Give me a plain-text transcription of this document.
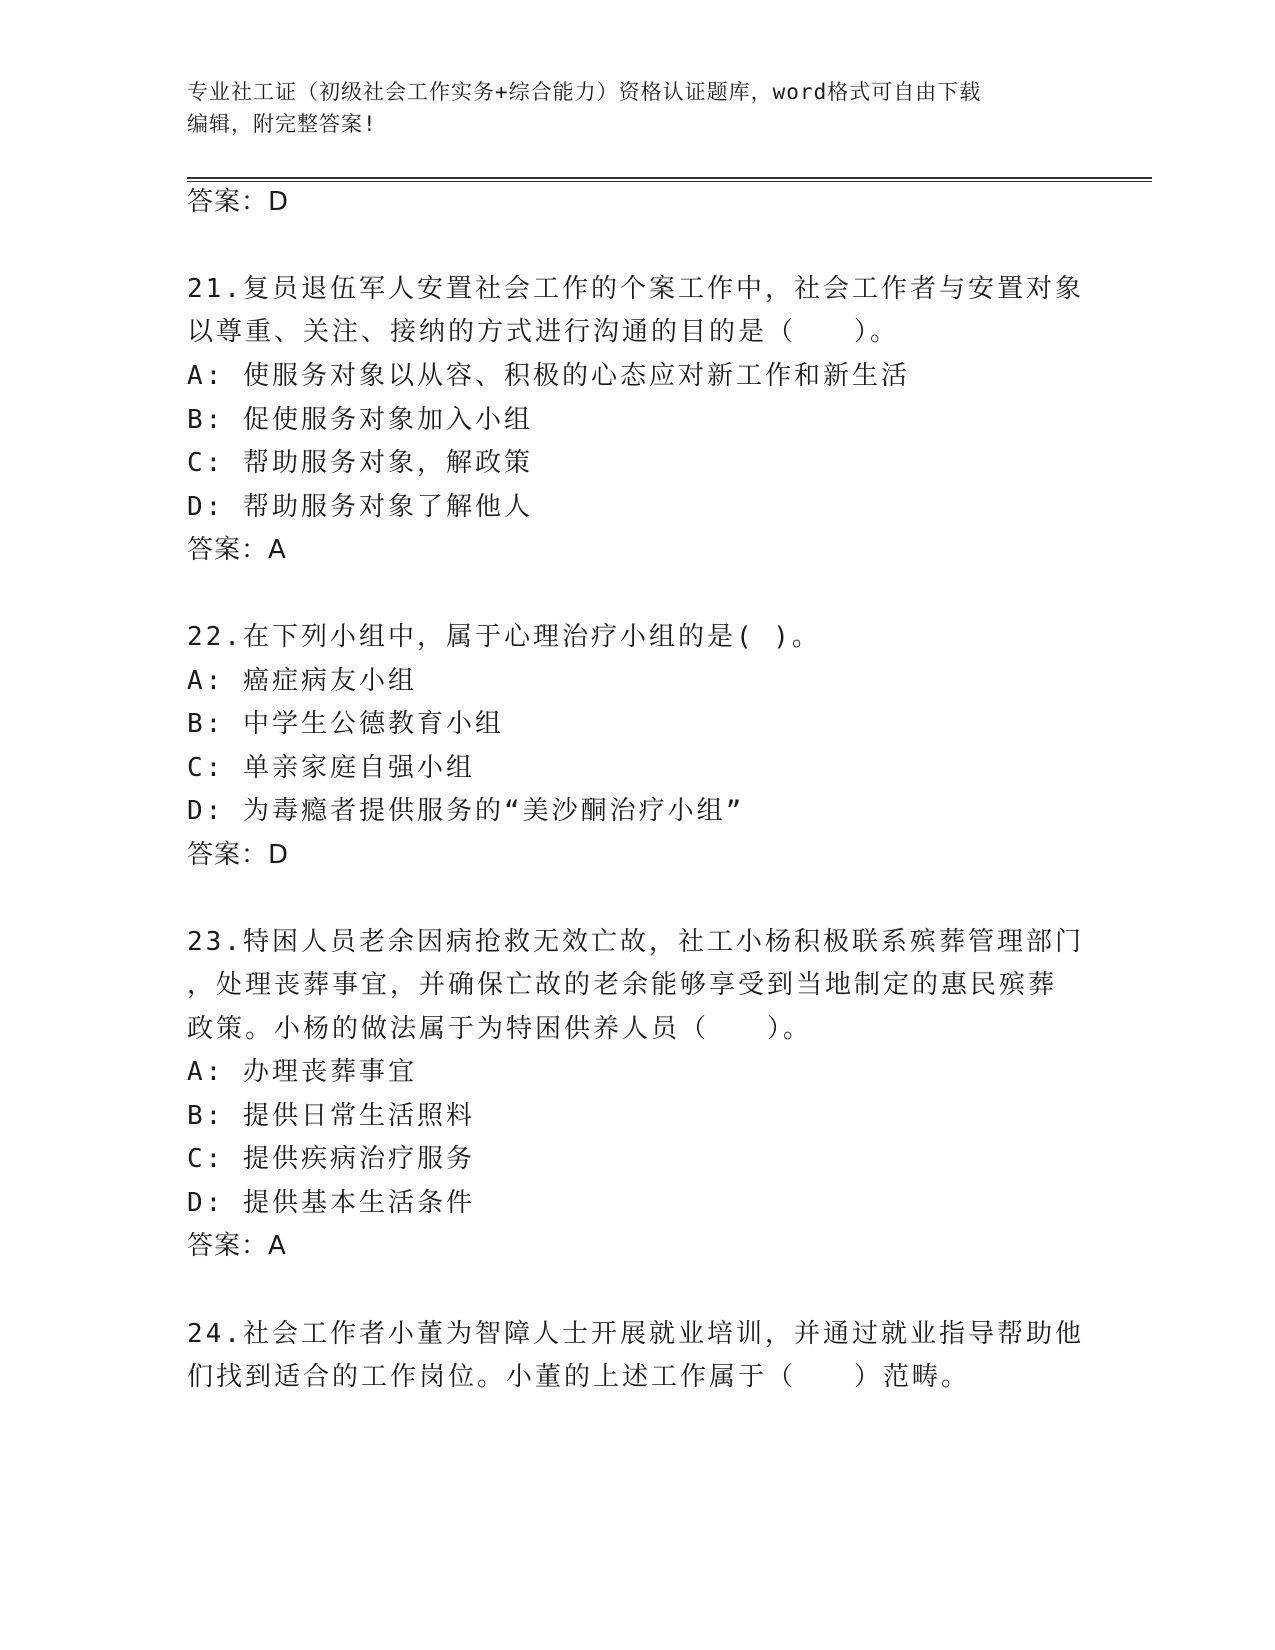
专业社工证（初级社会工作实务+综合能力）资格认证题库，word格式可自由下载
编辑，附完整答案!
答案：D
21.复员退伍军人安置社会工作的个案工作中，社会工作者与安置对象
以尊重、关注、接纳的方式进行沟通的目的是（　　）。
A: 使服务对象以从容、积极的心态应对新工作和新生活
B: 促使服务对象加入小组
C: 帮助服务对象，解政策
D: 帮助服务对象了解他人
答案：A
22.在下列小组中，属于心理治疗小组的是( )。
A: 癌症病友小组
B: 中学生公德教育小组
C: 单亲家庭自强小组
D: 为毒瘾者提供服务的“美沙酮治疗小组”
答案：D
23.特困人员老余因病抢救无效亡故，社工小杨积极联系殡葬管理部门
，处理丧葬事宜，并确保亡故的老余能够享受到当地制定的惠民殡葬
政策。小杨的做法属于为特困供养人员（　　）。
A: 办理丧葬事宜
B: 提供日常生活照料
C: 提供疾病治疗服务
D: 提供基本生活条件
答案：A
24.社会工作者小董为智障人士开展就业培训，并通过就业指导帮助他
们找到适合的工作岗位。小董的上述工作属于（　　）范畴。
